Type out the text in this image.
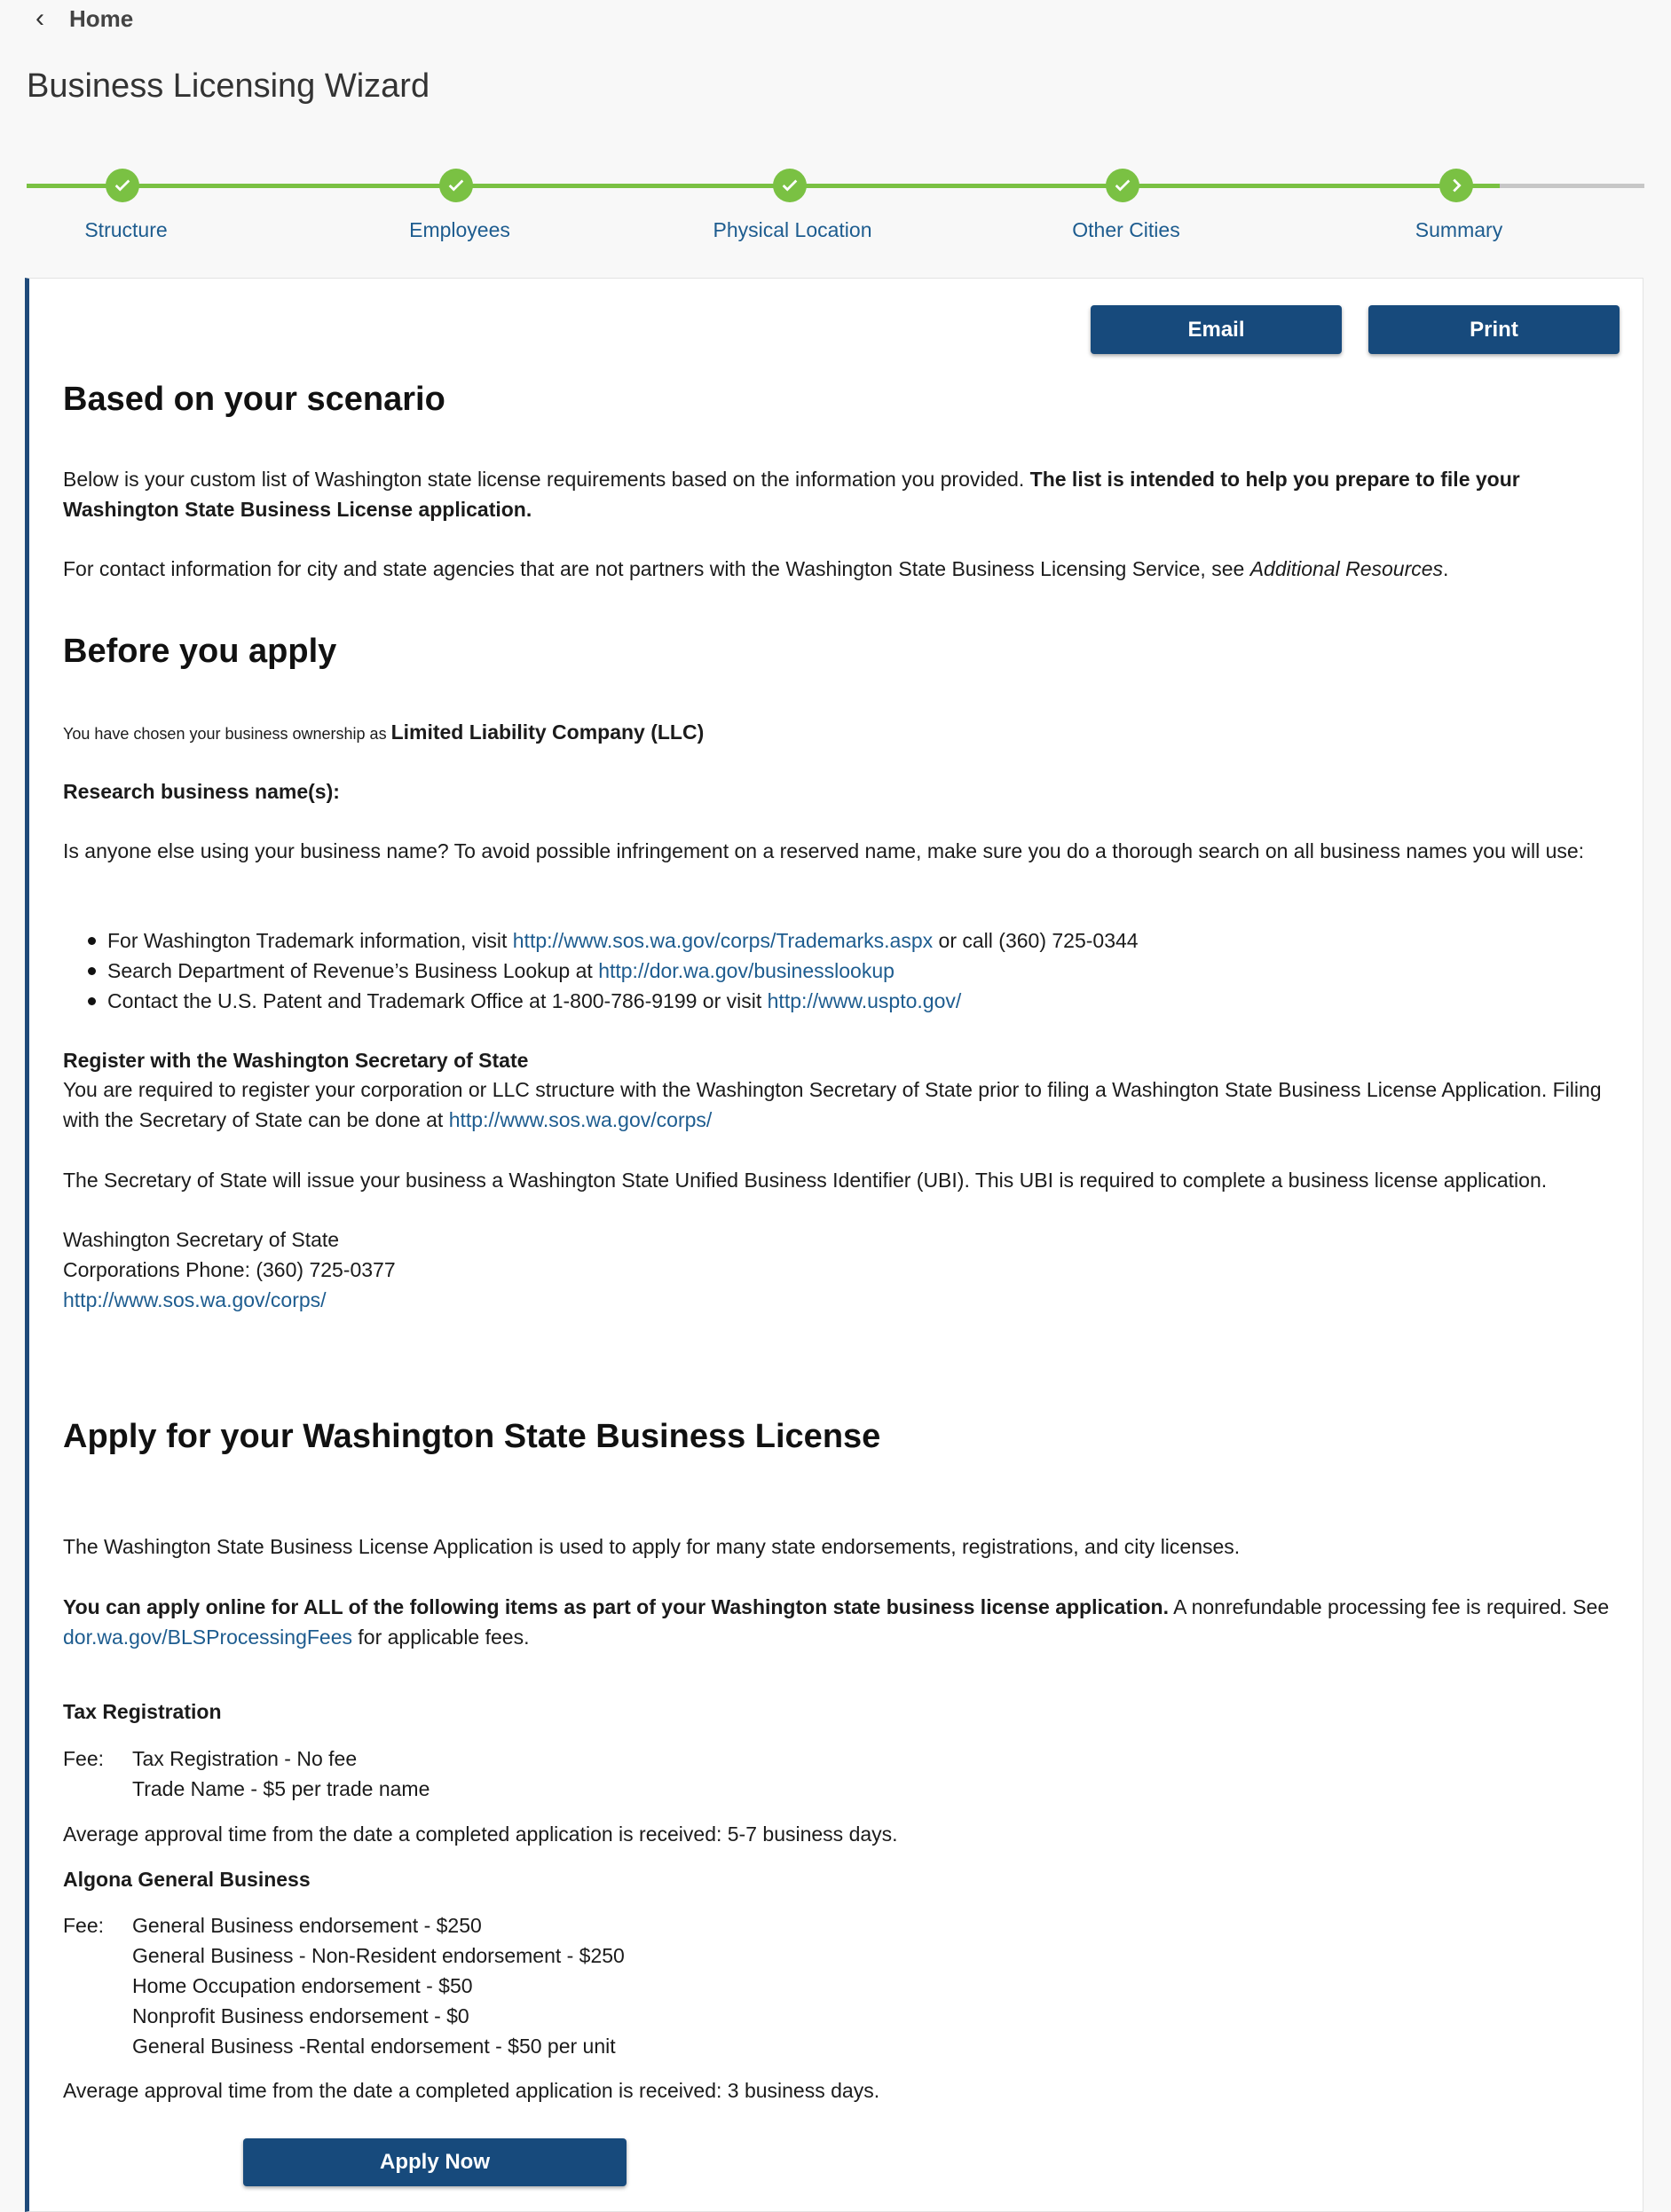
‹ Home
Business Licensing Wizard
Structure	Employees	Physical Location	Other Cities	Summary
Email	Print
Based on your scenario

Below is your custom list of Washington state license requirements based on the information you provided. The list is intended to help you prepare to file your Washington State Business License application.

For contact information for city and state agencies that are not partners with the Washington State Business Licensing Service, see Additional Resources.

Before you apply

You have chosen your business ownership as Limited Liability Company (LLC)

Research business name(s):

Is anyone else using your business name? To avoid possible infringement on a reserved name, make sure you do a thorough search on all business names you will use:

For Washington Trademark information, visit http://www.sos.wa.gov/corps/Trademarks.aspx or call (360) 725-0344
Search Department of Revenue’s Business Lookup at http://dor.wa.gov/businesslookup
Contact the U.S. Patent and Trademark Office at 1-800-786-9199 or visit http://www.uspto.gov/

Register with the Washington Secretary of State

You are required to register your corporation or LLC structure with the Washington Secretary of State prior to filing a Washington State Business License Application. Filing with the Secretary of State can be done at http://www.sos.wa.gov/corps/

The Secretary of State will issue your business a Washington State Unified Business Identifier (UBI). This UBI is required to complete a business license application.

Washington Secretary of State

Corporations Phone: (360) 725-0377

http://www.sos.wa.gov/corps/

Apply for your Washington State Business License

The Washington State Business License Application is used to apply for many state endorsements, registrations, and city licenses.

You can apply online for ALL of the following items as part of your Washington state business license application. A nonrefundable processing fee is required. See dor.wa.gov/BLSProcessingFees for applicable fees.

Tax Registration

Fee:	Tax Registration - No fee
Trade Name - $5 per trade name

Average approval time from the date a completed application is received: 5-7 business days.

Algona General Business

Fee:	General Business endorsement - $250
General Business - Non-Resident endorsement - $250
Home Occupation endorsement - $50
Nonprofit Business endorsement - $0
General Business -Rental endorsement - $50 per unit

Average approval time from the date a completed application is received: 3 business days.

Apply Now
